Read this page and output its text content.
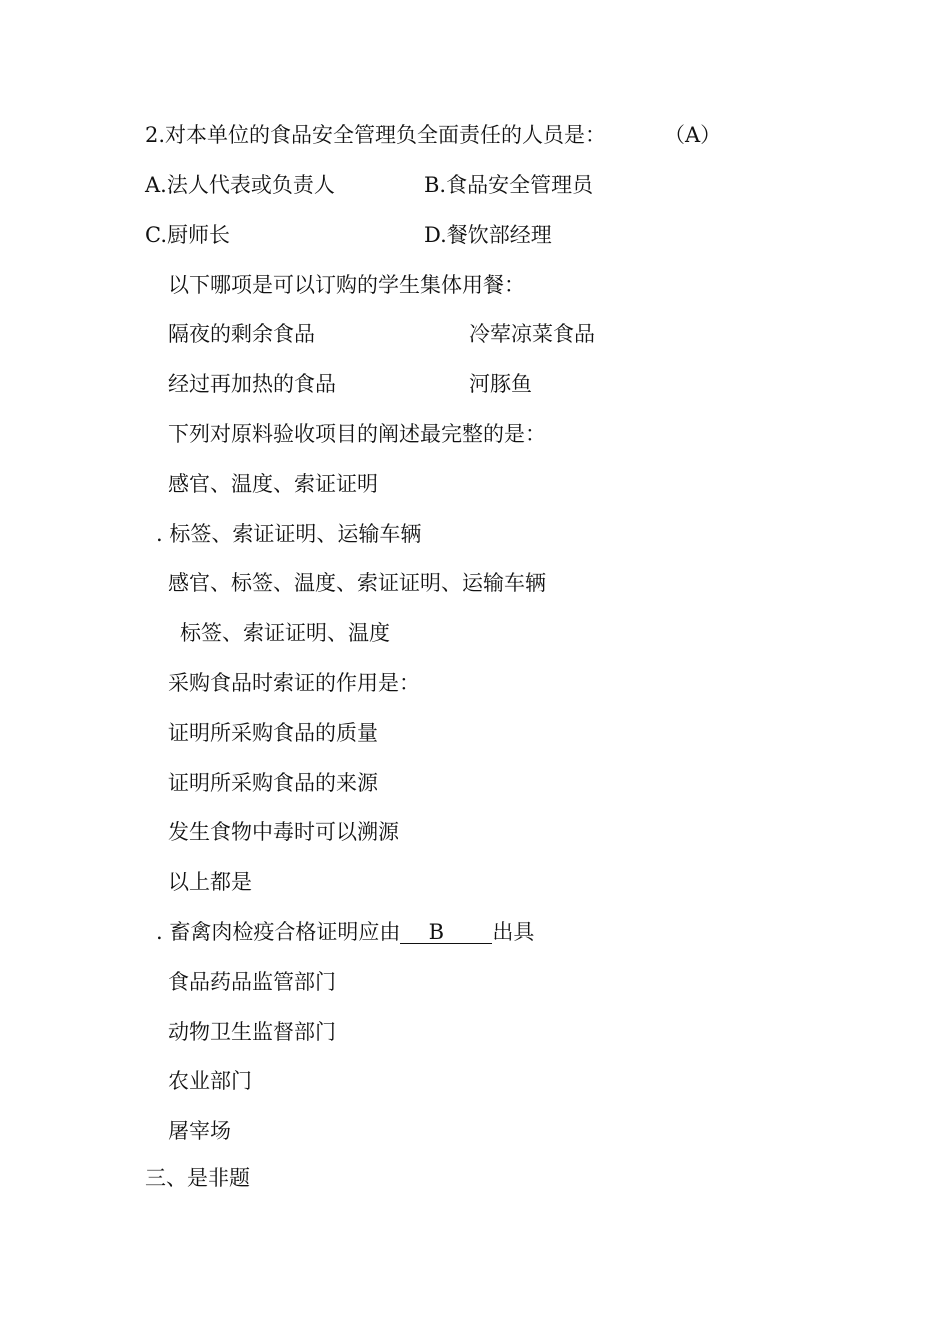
2.对本单位的食品安全管理负全面责任的人员是：	（A）
A.法人代表或负责人	B.食品安全管理员
C.厨师长	D.餐饮部经理
以下哪项是可以订购的学生集体用餐：
隔夜的剩余食品	冷荤凉菜食品
经过再加热的食品	河豚鱼
下列对原料验收项目的阐述最完整的是：
感官、温度、索证证明
. 标签、索证证明、运输车辆
感官、标签、温度、索证证明、运输车辆
标签、索证证明、温度
采购食品时索证的作用是：
证明所采购食品的质量
证明所采购食品的来源
发生食物中毒时可以溯源
以上都是
. 畜禽肉检疫合格证明应由 B 出具
食品药品监管部门
动物卫生监督部门
农业部门
屠宰场
三、是非题
